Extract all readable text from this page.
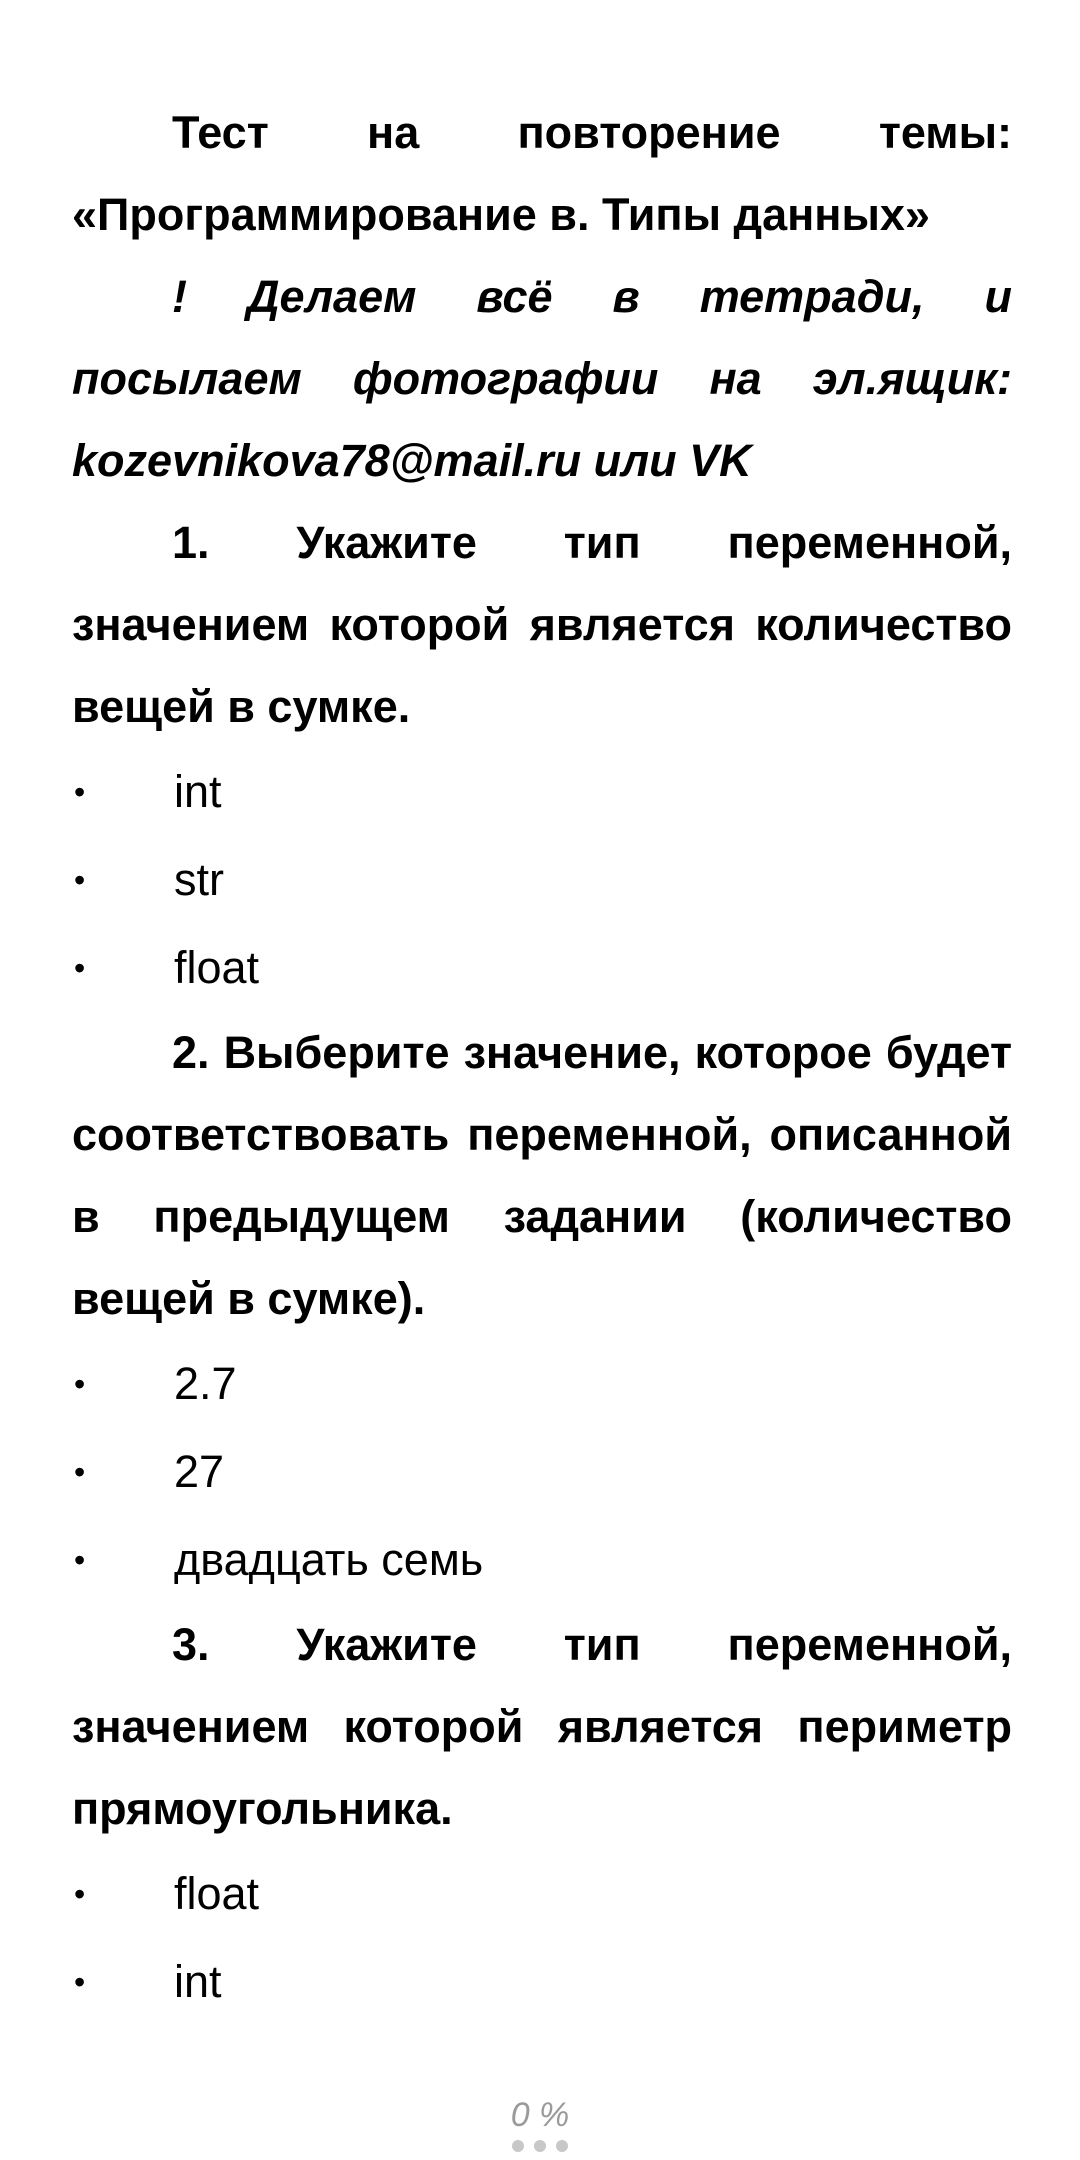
Тест на повторение темы: «Программирование в. Типы данных»

! Делаем всё в тетради, и посылаем фотографии на эл.ящик: kozevnikova78@mail.ru или VK

1. Укажите тип переменной, значением которой является количество вещей в сумке.

•	int
•	str
•	float

2. Выберите значение, которое будет соответствовать переменной, описанной в предыдущем задании (количество вещей в сумке).

•	2.7
•	27
•	двадцать семь

3. Укажите тип переменной, значением которой является периметр прямоугольника.

•	float
•	int
0 %
